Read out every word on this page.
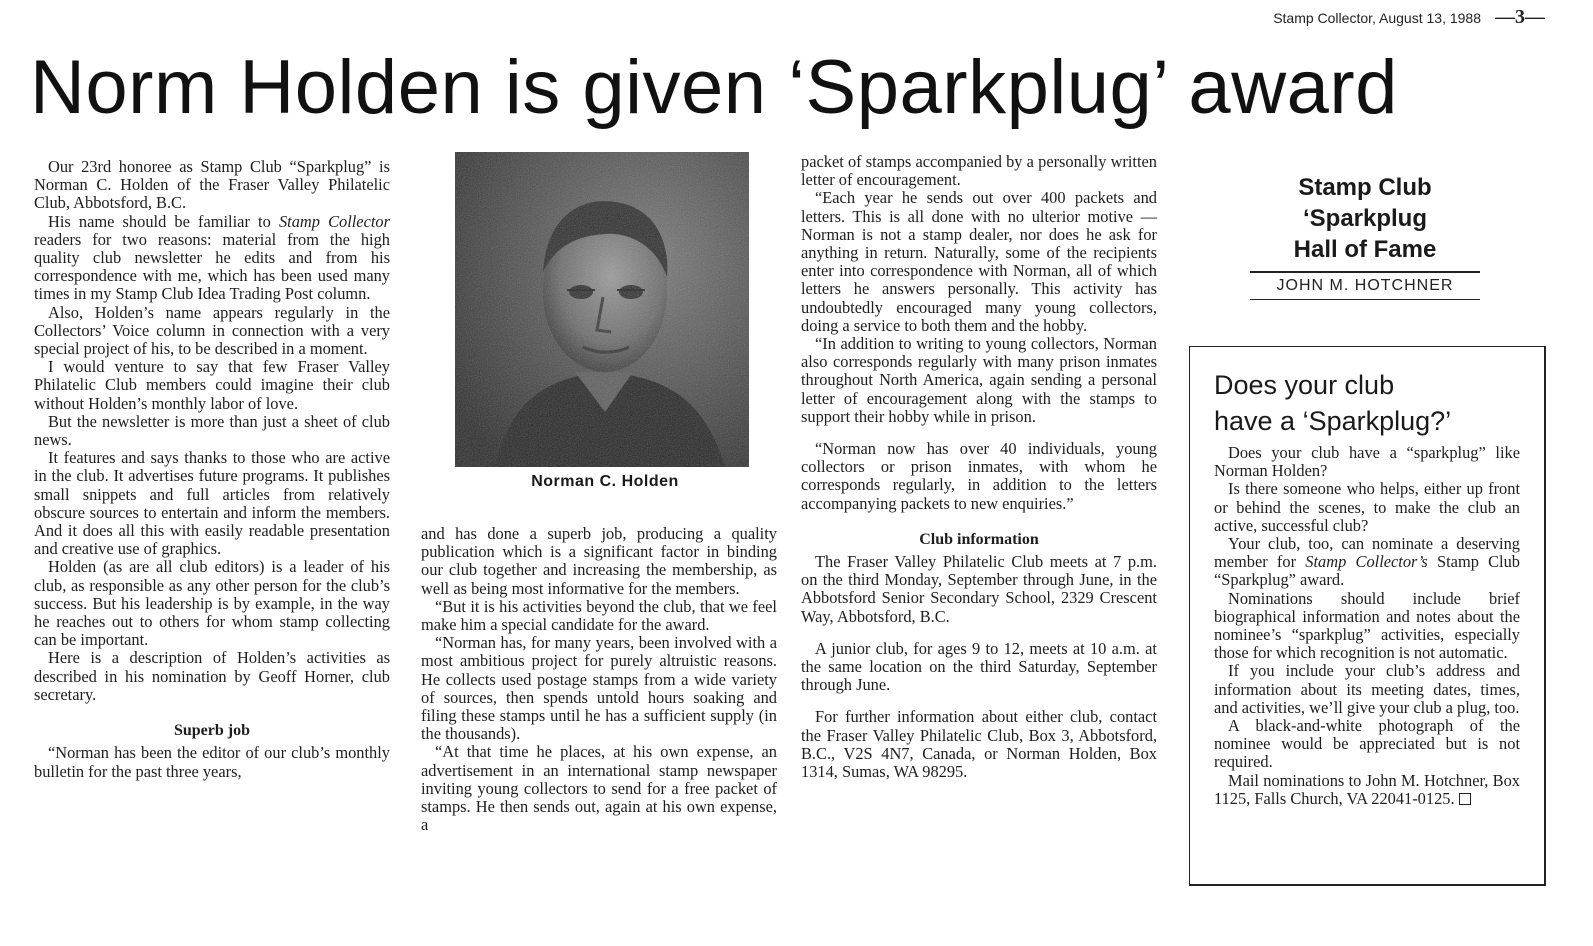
Stamp Collector, August 13, 1988 —3—
Norm Holden is given ‘Sparkplug’ award

Our 23rd honoree as Stamp Club “Sparkplug” is Norman C. Holden of the Fraser Valley Philatelic Club, Abbotsford, B.C.

His name should be familiar to Stamp Collector readers for two reasons: material from the high quality club newsletter he edits and from his correspondence with me, which has been used many times in my Stamp Club Idea Trading Post column.

Also, Holden’s name appears regularly in the Collectors’ Voice column in connection with a very special project of his, to be described in a moment.

I would venture to say that few Fraser Valley Philatelic Club members could imagine their club without Holden’s monthly labor of love.

But the newsletter is more than just a sheet of club news.

It features and says thanks to those who are active in the club. It advertises future programs. It publishes small snippets and full articles from relatively obscure sources to entertain and inform the members. And it does all this with easily readable presentation and creative use of graphics.

Holden (as are all club editors) is a leader of his club, as responsible as any other person for the club’s success. But his leadership is by example, in the way he reaches out to others for whom stamp collecting can be important.

Here is a description of Holden’s activities as described in his nomination by Geoff Horner, club secretary.

Superb job

“Norman has been the editor of our club’s monthly bulletin for the past three years,

Norman C. Holden

and has done a superb job, producing a quality publication which is a significant factor in binding our club together and increasing the membership, as well as being most informative for the members.

“But it is his activities beyond the club, that we feel make him a special candidate for the award.

“Norman has, for many years, been involved with a most ambitious project for purely altruistic reasons. He collects used postage stamps from a wide variety of sources, then spends untold hours soaking and filing these stamps until he has a sufficient supply (in the thousands).

“At that time he places, at his own expense, an advertisement in an international stamp newspaper inviting young collectors to send for a free packet of stamps. He then sends out, again at his own expense, a

packet of stamps accompanied by a personally written letter of encouragement.

“Each year he sends out over 400 packets and letters. This is all done with no ulterior motive — Norman is not a stamp dealer, nor does he ask for anything in return. Naturally, some of the recipients enter into correspondence with Norman, all of which letters he answers personally. This activity has undoubtedly encouraged many young collectors, doing a service to both them and the hobby.

“In addition to writing to young collectors, Norman also corresponds regularly with many prison inmates throughout North America, again sending a personal letter of encouragement along with the stamps to support their hobby while in prison.

“Norman now has over 40 individuals, young collectors or prison inmates, with whom he corresponds regularly, in addition to the letters accompanying packets to new enquiries.”

Club information

The Fraser Valley Philatelic Club meets at 7 p.m. on the third Monday, September through June, in the Abbotsford Senior Secondary School, 2329 Crescent Way, Abbotsford, B.C.

A junior club, for ages 9 to 12, meets at 10 a.m. at the same location on the third Saturday, September through June.

For further information about either club, contact the Fraser Valley Philatelic Club, Box 3, Abbotsford, B.C., V2S 4N7, Canada, or Norman Holden, Box 1314, Sumas, WA 98295.

Stamp Club
‘Sparkplug
Hall of Fame
JOHN M. HOTCHNER
Does your club
have a ‘Sparkplug?’

Does your club have a “sparkplug” like Norman Holden?

Is there someone who helps, either up front or behind the scenes, to make the club an active, successful club?

Your club, too, can nominate a deserving member for Stamp Collector’s Stamp Club “Sparkplug” award.

Nominations should include brief biographical information and notes about the nominee’s “sparkplug” activities, especially those for which recognition is not automatic.

If you include your club’s address and information about its meeting dates, times, and activities, we’ll give your club a plug, too.

A black-and-white photograph of the nominee would be appreciated but is not required.

Mail nominations to John M. Hotchner, Box 1125, Falls Church, VA 22041-0125.
